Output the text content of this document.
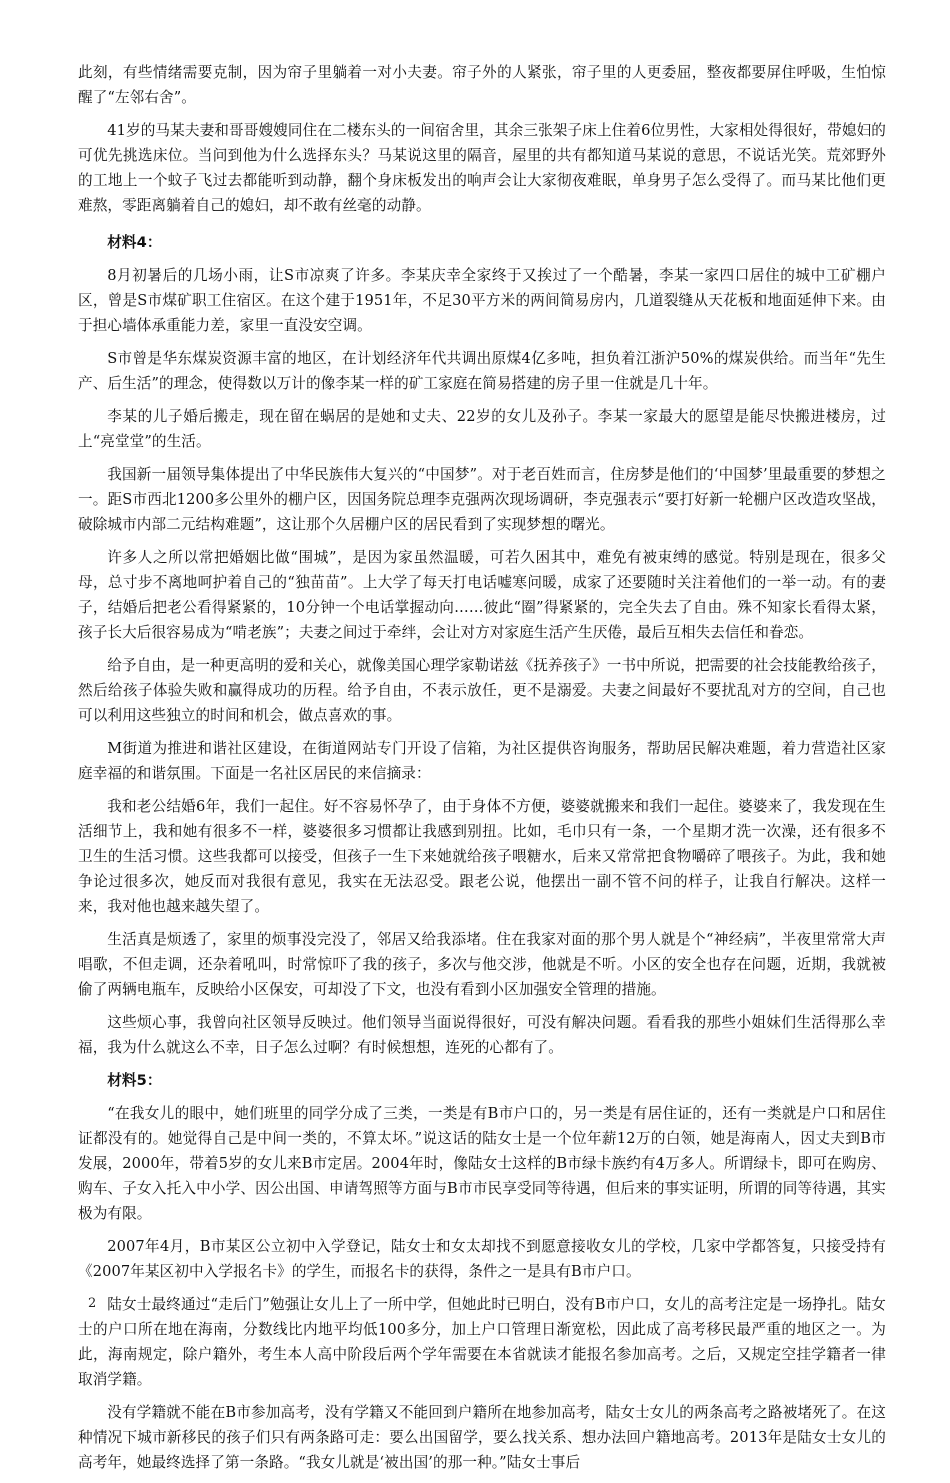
此刻，有些情绪需要克制，因为帘子里躺着一对小夫妻。帘子外的人紧张，帘子里的人更委屈，整夜都要屏住呼吸，生怕惊醒了“左邻右舍”。

41岁的马某夫妻和哥哥嫂嫂同住在二楼东头的一间宿舍里，其余三张架子床上住着6位男性，大家相处得很好，带媳妇的可优先挑选床位。当问到他为什么选择东头？马某说这里的隔音，屋里的共有都知道马某说的意思，不说话光笑。荒郊野外的工地上一个蚊子飞过去都能听到动静，翻个身床板发出的响声会让大家彻夜难眠，单身男子怎么受得了。而马某比他们更难熬，零距离躺着自己的媳妇，却不敢有丝毫的动静。

材料4：

8月初暑后的几场小雨，让S市凉爽了许多。李某庆幸全家终于又挨过了一个酷暑，李某一家四口居住的城中工矿棚户区，曾是S市煤矿职工住宿区。在这个建于1951年，不足30平方米的两间简易房内，几道裂缝从天花板和地面延伸下来。由于担心墙体承重能力差，家里一直没安空调。

S市曾是华东煤炭资源丰富的地区，在计划经济年代共调出原煤4亿多吨，担负着江浙沪50%的煤炭供给。而当年“先生产、后生活”的理念，使得数以万计的像李某一样的矿工家庭在简易搭建的房子里一住就是几十年。

李某的儿子婚后搬走，现在留在蜗居的是她和丈夫、22岁的女儿及孙子。李某一家最大的愿望是能尽快搬进楼房，过上“亮堂堂”的生活。

我国新一届领导集体提出了中华民族伟大复兴的“中国梦”。对于老百姓而言，住房梦是他们的‘中国梦’里最重要的梦想之一。距S市西北1200多公里外的棚户区，因国务院总理李克强两次现场调研，李克强表示“要打好新一轮棚户区改造攻坚战，破除城市内部二元结构难题”，这让那个久居棚户区的居民看到了实现梦想的曙光。

许多人之所以常把婚姻比做“围城”，是因为家虽然温暖，可若久困其中，难免有被束缚的感觉。特别是现在，很多父母，总寸步不离地呵护着自己的“独苗苗”。上大学了每天打电话嘘寒问暖，成家了还要随时关注着他们的一举一动。有的妻子，结婚后把老公看得紧紧的，10分钟一个电话掌握动向……彼此“圈”得紧紧的，完全失去了自由。殊不知家长看得太紧，孩子长大后很容易成为“啃老族”；夫妻之间过于牵绊，会让对方对家庭生活产生厌倦，最后互相失去信任和眷恋。

给予自由，是一种更高明的爱和关心，就像美国心理学家勒诺兹《抚养孩子》一书中所说，把需要的社会技能教给孩子，然后给孩子体验失败和赢得成功的历程。给予自由，不表示放任，更不是溺爱。夫妻之间最好不要扰乱对方的空间，自己也可以利用这些独立的时间和机会，做点喜欢的事。

M街道为推进和谐社区建设，在街道网站专门开设了信箱，为社区提供咨询服务，帮助居民解决难题，着力营造社区家庭幸福的和谐氛围。下面是一名社区居民的来信摘录：

我和老公结婚6年，我们一起住。好不容易怀孕了，由于身体不方便，婆婆就搬来和我们一起住。婆婆来了，我发现在生活细节上，我和她有很多不一样，婆婆很多习惯都让我感到别扭。比如，毛巾只有一条，一个星期才洗一次澡，还有很多不卫生的生活习惯。这些我都可以接受，但孩子一生下来她就给孩子喂糖水，后来又常常把食物嚼碎了喂孩子。为此，我和她争论过很多次，她反而对我很有意见，我实在无法忍受。跟老公说，他摆出一副不管不问的样子，让我自行解决。这样一来，我对他也越来越失望了。

生活真是烦透了，家里的烦事没完没了，邻居又给我添堵。住在我家对面的那个男人就是个“神经病”，半夜里常常大声唱歌，不但走调，还杂着吼叫，时常惊吓了我的孩子，多次与他交涉，他就是不听。小区的安全也存在问题，近期，我就被偷了两辆电瓶车，反映给小区保安，可却没了下文，也没有看到小区加强安全管理的措施。

这些烦心事，我曾向社区领导反映过。他们领导当面说得很好，可没有解决问题。看看我的那些小姐妹们生活得那么幸福，我为什么就这么不幸，日子怎么过啊？有时候想想，连死的心都有了。

材料5：

“在我女儿的眼中，她们班里的同学分成了三类，一类是有B市户口的，另一类是有居住证的，还有一类就是户口和居住证都没有的。她觉得自己是中间一类的，不算太坏。”说这话的陆女士是一个位年薪12万的白领，她是海南人，因丈夫到B市发展，2000年，带着5岁的女儿来B市定居。2004年时，像陆女士这样的B市绿卡族约有4万多人。所谓绿卡，即可在购房、购车、子女入托入中小学、因公出国、申请驾照等方面与B市市民享受同等待遇，但后来的事实证明，所谓的同等待遇，其实极为有限。

2007年4月，B市某区公立初中入学登记，陆女士和女太却找不到愿意接收女儿的学校，几家中学都答复，只接受持有《2007年某区初中入学报名卡》的学生，而报名卡的获得，条件之一是具有B市户口。

陆女士最终通过“走后门”勉强让女儿上了一所中学，但她此时已明白，没有B市户口，女儿的高考注定是一场挣扎。陆女士的户口所在地在海南，分数线比内地平均低100多分，加上户口管理日渐宽松，因此成了高考移民最严重的地区之一。为此，海南规定，除户籍外，考生本人高中阶段后两个学年需要在本省就读才能报名参加高考。之后，又规定空挂学籍者一律取消学籍。

没有学籍就不能在B市参加高考，没有学籍又不能回到户籍所在地参加高考，陆女士女儿的两条高考之路被堵死了。在这种情况下城市新移民的孩子们只有两条路可走：要么出国留学，要么找关系、想办法回户籍地高考。2013年是陆女士女儿的高考年，她最终选择了第一条路。“我女儿就是‘被出国’的那一种。”陆女士事后

2
